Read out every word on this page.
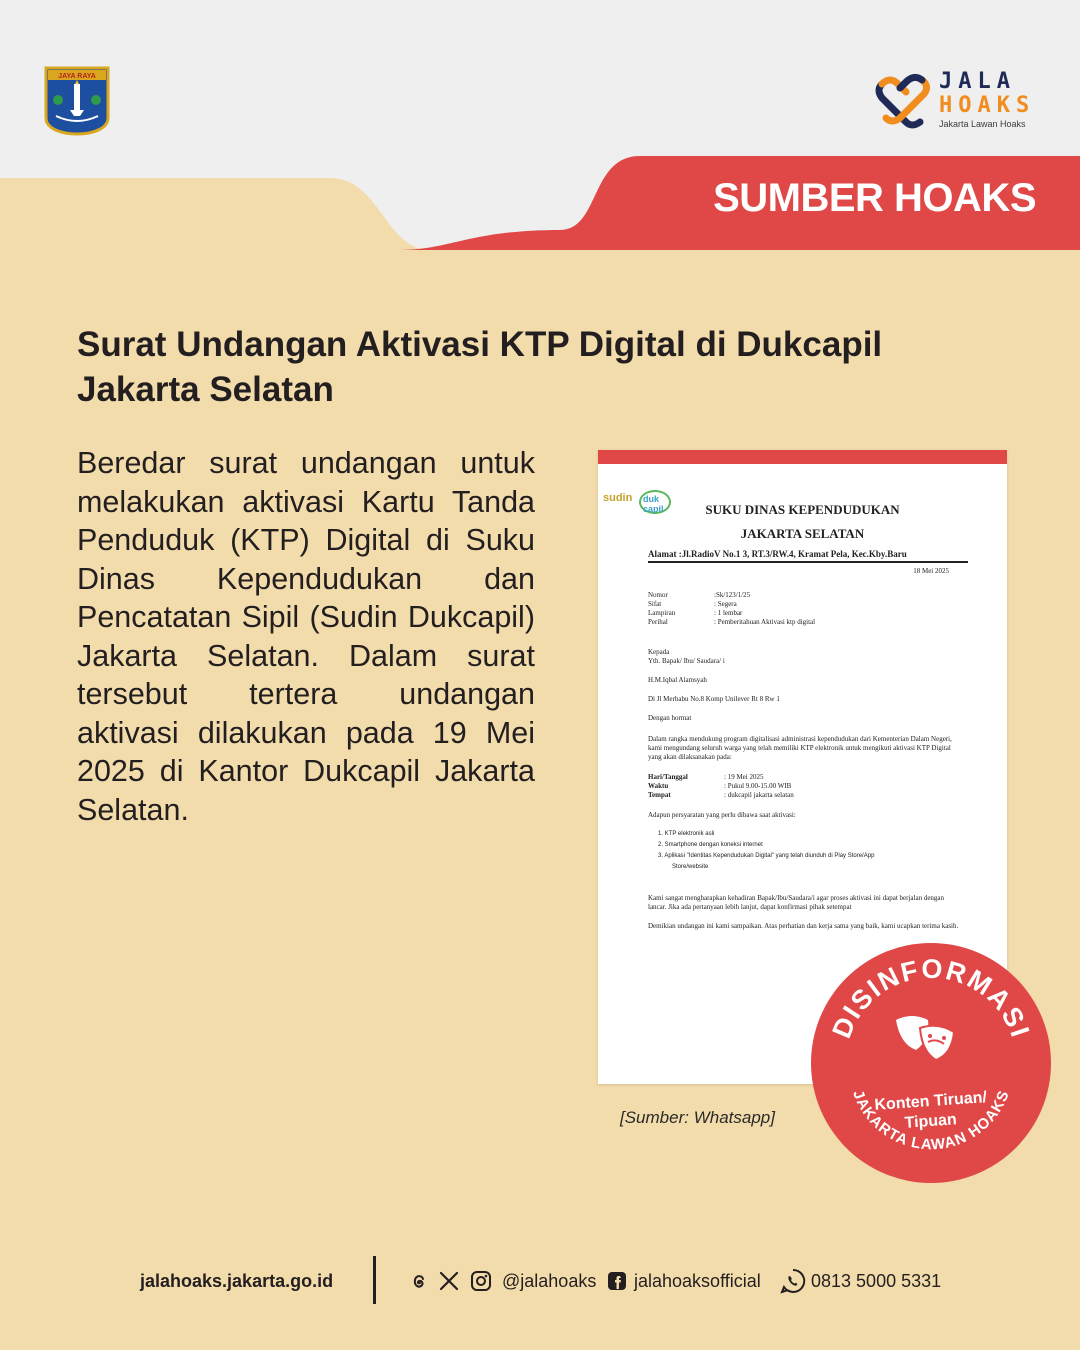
JAYA RAYA	JALA
HOAKS
Jakarta Lawan Hoaks
SUMBER HOAKS
Surat Undangan Aktivasi KTP Digital di Dukcapil Jakarta Selatan

Beredar surat undangan untuk melakukan aktivasi Kartu Tanda Penduduk (KTP) Digital di Suku Dinas Kependudukan dan Pencatatan Sipil (Sudin Dukcapil) Jakarta Selatan. Dalam surat tersebut tertera undangan aktivasi dilakukan pada 19 Mei 2025 di Kantor Dukcapil Jakarta Selatan.

sudin duk capil	SUKU DINAS KEPENDUDUKAN
JAKARTA SELATAN
Alamat :Jl.RadioV No.1 3, RT.3/RW.4, Kramat Pela, Kec.Kby.Baru
18 Mei 2025
Nomor	:Sk/123/1/25
Sifat	: Segera
Lampiran	: 1 lembar
Perihal	: Pemberitahuan Aktivasi ktp digital
Kepada
Yth. Bapak/ Ibu/ Saudara/ i
H.M.Iqbal Alamsyah
Di Jl Merbabu No.8 Komp Unilever Rt 8 Rw 1
Dengan hormat
Dalam rangka mendukung program digitalisasi administrasi kependudukan dari Kementerian Dalam Negeri, kami mengundang seluruh warga yang telah memiliki KTP elektronik untuk mengikuti aktivasi KTP Digital yang akan dilaksanakan pada:
Hari/Tanggal	: 19 Mei 2025
Waktu	: Pukul 9.00-15.00 WIB
Tempat	: dukcapil jakarta selatan
Adapun persyaratan yang perlu dibawa saat aktivasi:
1. KTP elektronik asli
2. Smartphone dengan koneksi internet
3. Aplikasi "Identitas Kependudukan Digital" yang telah diunduh di Play Store/App
Store/website
Kami sangat mengharapkan kehadiran Bapak/Ibu/Saudara/i agar proses aktivasi ini dapat berjalan dengan lancar. Jika ada pertanyaan lebih lanjut, dapat konfirmasi pihak setempat
Demikian undangan ini kami sampaikan. Atas perhatian dan kerja sama yang baik, kami ucapkan terima kasih.
[Sumber: Whatsapp]
DISINFORMASI
Konten Tiruan/
Tipuan
JAKARTA LAWAN HOAKS
jalahoaks.jakarta.go.id	@jalahoaks jalahoaksofficial	0813 5000 5331
